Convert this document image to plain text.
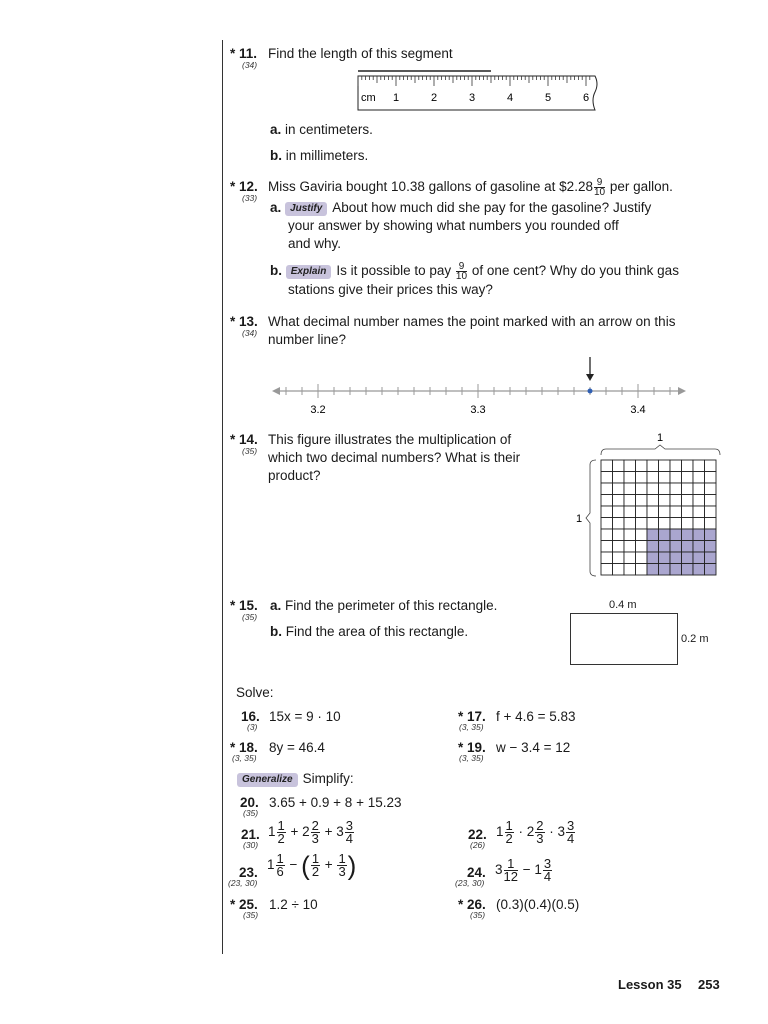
* 11.
(34)
Find the length of this segment
cm 1	2	3	4	5	6
a. in centimeters.
b. in millimeters.
* 12.
(33)
Miss Gaviria bought 10.38 gallons of gasoline at $2.28 $\frac{9}{10}$ per gallon.
a. Justify About how much did she pay for the gasoline? Justify
your answer by showing what numbers you rounded off
and why.
b. Explain Is it possible to pay $\frac{9}{10}$ of one cent? Why do you think gas
stations give their prices this way?
* 13.
(34)
What decimal number names the point marked with an arrow on this
number line?
3.2	3.3	3.4
* 14.
(35)
This figure illustrates the multiplication of
which two decimal numbers? What is their
product?
1
1
* 15.
(35)
a. Find the perimeter of this rectangle.
b. Find the area of this rectangle.
0.4 m
0.2 m
Solve:
16.
(3)
15x = 9 · 10	* 17.
(3, 35)
f + 4.6 = 5.83
* 18.
(3, 35)
8y = 46.4	* 19.
(3, 35)
w − 3.4 = 12
Generalize Simplify:
20.
(35)
3.65 + 0.9 + 8 + 15.23
21.
(30)
$1 \frac{1}{2} + 2 \frac{2}{3} + 3 \frac{3}{4}$	22.
(26)
$1 \frac{1}{2} \cdot 2 \frac{2}{3} \cdot 3 \frac{3}{4}$
23.
(23, 30)
$1 \frac{1}{6}$ − ( $\frac{1}{2} + \frac{1}{3}$ )	24.
(23, 30)
$3 \frac{1}{12} - 1 \frac{3}{4}$
* 25.
(35)
1.2 ÷ 10	* 26.
(35)
(0.3)(0.4)(0.5)
Lesson 35 253
